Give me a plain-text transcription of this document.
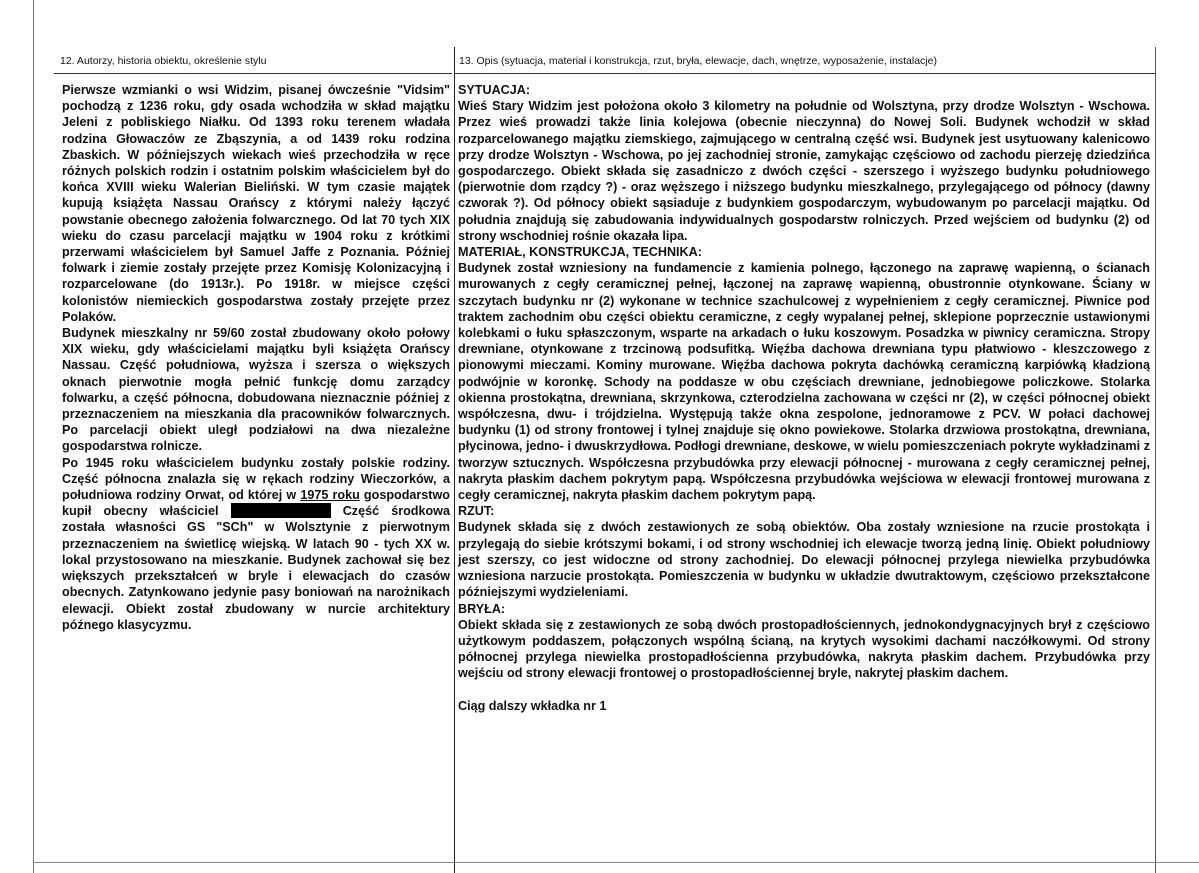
12. Autorzy, historia obiektu, określenie stylu

Pierwsze wzmianki o wsi Widzim, pisanej ówcześnie "Vidsim" pochodzą z 1236 roku, gdy osada wchodziła w skład majątku Jeleni z pobliskiego Niałku. Od 1393 roku terenem władała rodzina Głowaczów ze Zbąszynia, a od 1439 roku rodzina Zbaskich. W późniejszych wiekach wieś przechodziła w ręce różnych polskich rodzin i ostatnim polskim właścicielem był do końca XVIII wieku Walerian Bieliński. W tym czasie majątek kupują książęta Nassau Orańscy z którymi należy łączyć powstanie obecnego założenia folwarcznego. Od lat 70 tych XIX wieku do czasu parcelacji majątku w 1904 roku z krótkimi przerwami właścicielem był Samuel Jaffe z Poznania. Później folwark i ziemie zostały przejęte przez Komisję Kolonizacyjną i rozparcelowane (do 1913r.). Po 1918r. w miejsce części kolonistów niemieckich gospodarstwa zostały przejęte przez Polaków.

Budynek mieszkalny nr 59/60 został zbudowany około połowy XIX wieku, gdy właścicielami majątku byli książęta Orańscy Nassau. Część południowa, wyższa i szersza o większych oknach pierwotnie mogła pełnić funkcję domu zarządcy folwarku, a część północna, dobudowana nieznacznie później z przeznaczeniem na mieszkania dla pracowników folwarcznych. Po parcelacji obiekt uległ podziałowi na dwa niezależne gospodarstwa rolnicze.

Po 1945 roku właścicielem budynku zostały polskie rodziny. Część północna znalazła się w rękach rodziny Wieczorków, a południowa rodziny Orwat, od której w 1975 roku gospodarstwo kupił obecny właściciel	Część środkowa została własności GS "SCh" w Wolsztynie z pierwotnym przeznaczeniem na świetlicę wiejską. W latach 90 - tych XX w. lokal przystosowano na mieszkanie. Budynek zachował się bez większych przekształceń w bryle i elewacjach do czasów obecnych. Zatynkowano jedynie pasy boniowań na narożnikach elewacji. Obiekt został zbudowany w nurcie architektury późnego klasycyzmu.

13. Opis (sytuacja, materiał i konstrukcja, rzut, bryła, elewacje, dach, wnętrze, wyposażenie, instalacje)

SYTUACJA:

Wieś Stary Widzim jest położona około 3 kilometry na południe od Wolsztyna, przy drodze Wolsztyn - Wschowa. Przez wieś prowadzi także linia kolejowa (obecnie nieczynna) do Nowej Soli. Budynek wchodził w skład rozparcelowanego majątku ziemskiego, zajmującego w centralną część wsi. Budynek jest usytuowany kalenicowo przy drodze Wolsztyn - Wschowa, po jej zachodniej stronie, zamykając częściowo od zachodu pierzeję dziedzińca gospodarczego. Obiekt składa się zasadniczo z dwóch części - szerszego i wyższego budynku południowego (pierwotnie dom rządcy ?) - oraz węższego i niższego budynku mieszkalnego, przylegającego od północy (dawny czworak ?). Od północy obiekt sąsiaduje z budynkiem gospodarczym, wybudowanym po parcelacji majątku. Od południa znajdują się zabudowania indywidualnych gospodarstw rolniczych. Przed wejściem od budynku (2) od strony wschodniej rośnie okazała lipa.

MATERIAŁ, KONSTRUKCJA, TECHNIKA:

Budynek został wzniesiony na fundamencie z kamienia polnego, łączonego na zaprawę wapienną, o ścianach murowanych z cegły ceramicznej pełnej, łączonej na zaprawę wapienną, obustronnie otynkowane. Ściany w szczytach budynku nr (2) wykonane w technice szachulcowej z wypełnieniem z cegły ceramicznej. Piwnice pod traktem zachodnim obu części obiektu ceramiczne, z cegły wypalanej pełnej, sklepione poprzecznie ustawionymi kolebkami o łuku spłaszczonym, wsparte na arkadach o łuku koszowym. Posadzka w piwnicy ceramiczna. Stropy drewniane, otynkowane z trzcinową podsufitką. Więźba dachowa drewniana typu płatwiowo - kleszczowego z pionowymi mieczami. Kominy murowane. Więźba dachowa pokryta dachówką ceramiczną karpiówką kładzioną podwójnie w koronkę. Schody na poddasze w obu częściach drewniane, jednobiegowe policzkowe. Stolarka okienna prostokątna, drewniana, skrzynkowa, czterodzielna zachowana w części nr (2), w części północnej obiekt współczesna, dwu- i trójdzielna. Występują także okna zespolone, jednoramowe z PCV. W połaci dachowej budynku (1) od strony frontowej i tylnej znajduje się okno powiekowe. Stolarka drzwiowa prostokątna, drewniana, płycinowa, jedno- i dwuskrzydłowa. Podłogi drewniane, deskowe, w wielu pomieszczeniach pokryte wykładzinami z tworzyw sztucznych. Współczesna przybudówka przy elewacji północnej - murowana z cegły ceramicznej pełnej, nakryta płaskim dachem pokrytym papą. Współczesna przybudówka wejściowa w elewacji frontowej murowana z cegły ceramicznej, nakryta płaskim dachem pokrytym papą.

RZUT:

Budynek składa się z dwóch zestawionych ze sobą obiektów. Oba zostały wzniesione na rzucie prostokąta i przylegają do siebie krótszymi bokami, i od strony wschodniej ich elewacje tworzą jedną linię. Obiekt południowy jest szerszy, co jest widoczne od strony zachodniej. Do elewacji północnej przylega niewielka przybudówka wzniesiona narzucie prostokąta. Pomieszczenia w budynku w układzie dwutraktowym, częściowo przekształcone późniejszymi wydzieleniami.

BRYŁA:

Obiekt składa się z zestawionych ze sobą dwóch prostopadłościennych, jednokondygnacyjnych brył z częściowo użytkowym poddaszem, połączonych wspólną ścianą, na krytych wysokimi dachami naczółkowymi. Od strony północnej przylega niewielka prostopadłościenna przybudówka, nakryta płaskim dachem. Przybudówka przy wejściu od strony elewacji frontowej o prostopadłościennej bryle, nakrytej płaskim dachem.

Ciąg dalszy wkładka nr 1
